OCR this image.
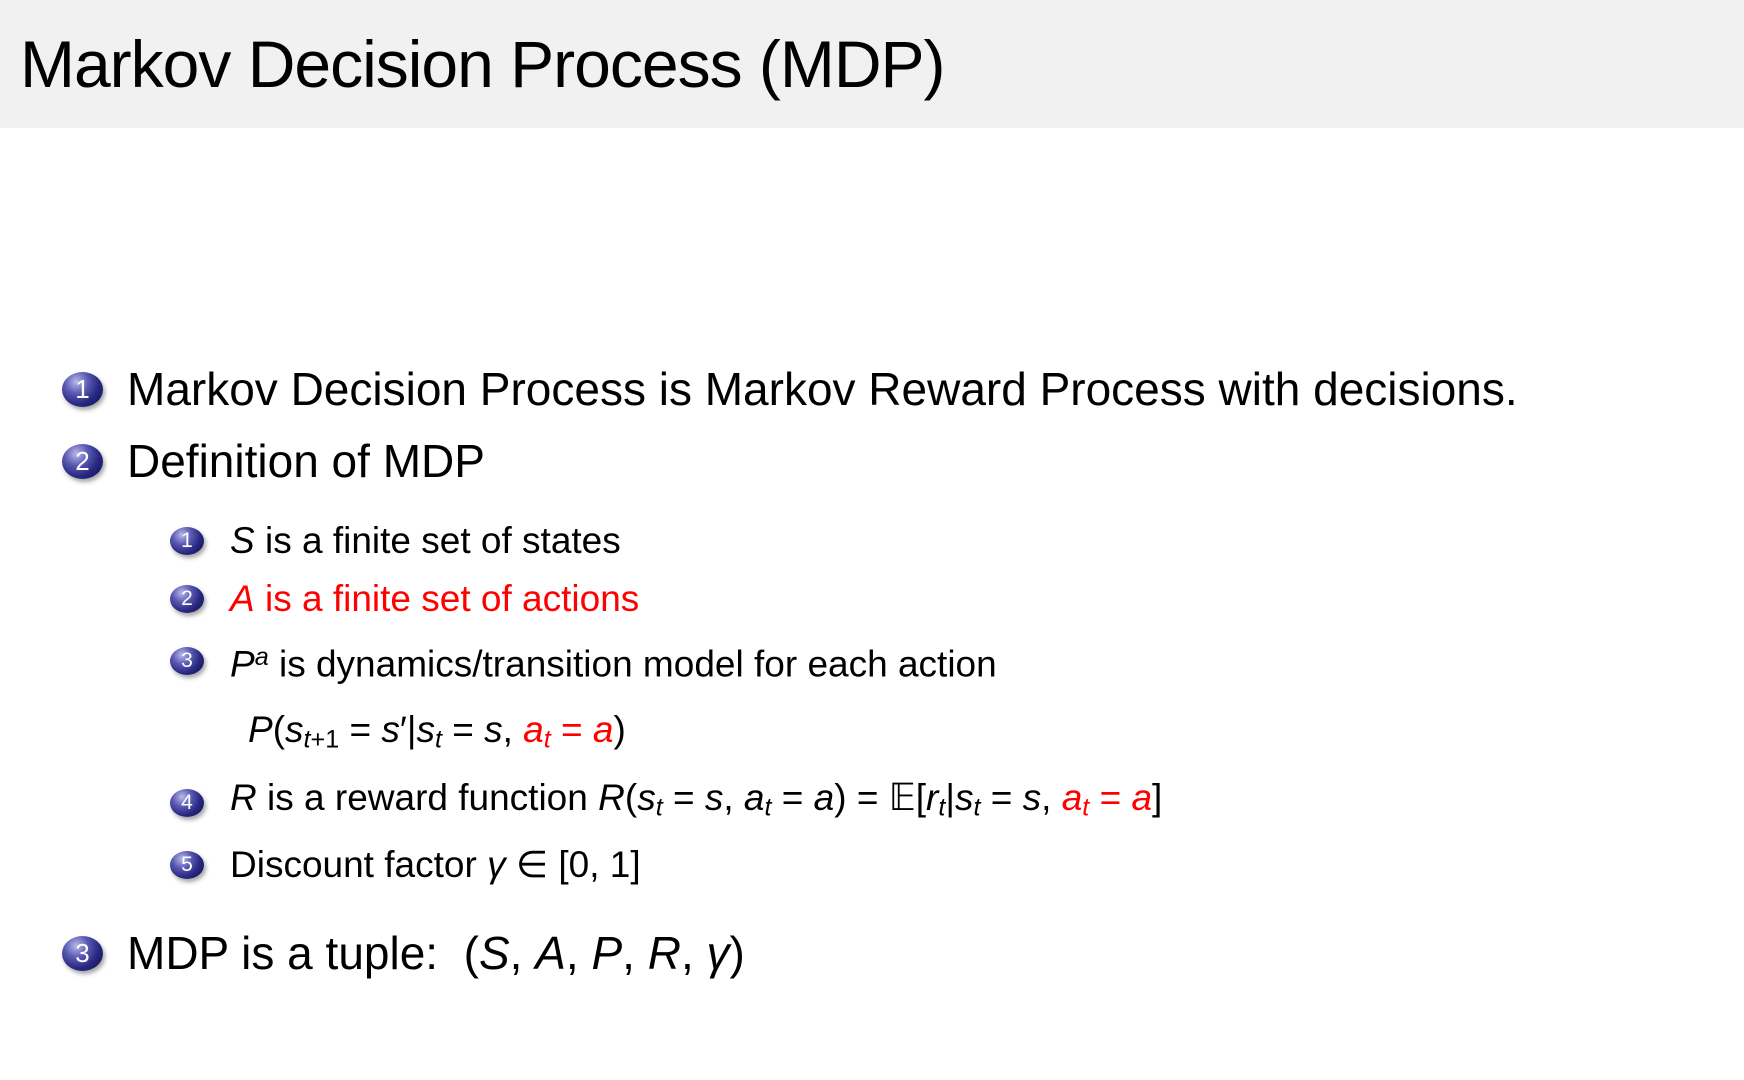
Markov Decision Process (MDP)
1 Markov Decision Process is Markov Reward Process with decisions.
2 Definition of MDP
1	S is a finite set of states
2	A is a finite set of actions
3	$P^a$ is dynamics/transition model for each action
P(st+1 = s′|st = s, at = a)
4	R is a reward function R(st = s, at = a) = 𝔼[rt|st = s, at = a]
5	Discount factor γ ∈ [0, 1]
3 MDP is a tuple:  (S, A, P, R, γ)
